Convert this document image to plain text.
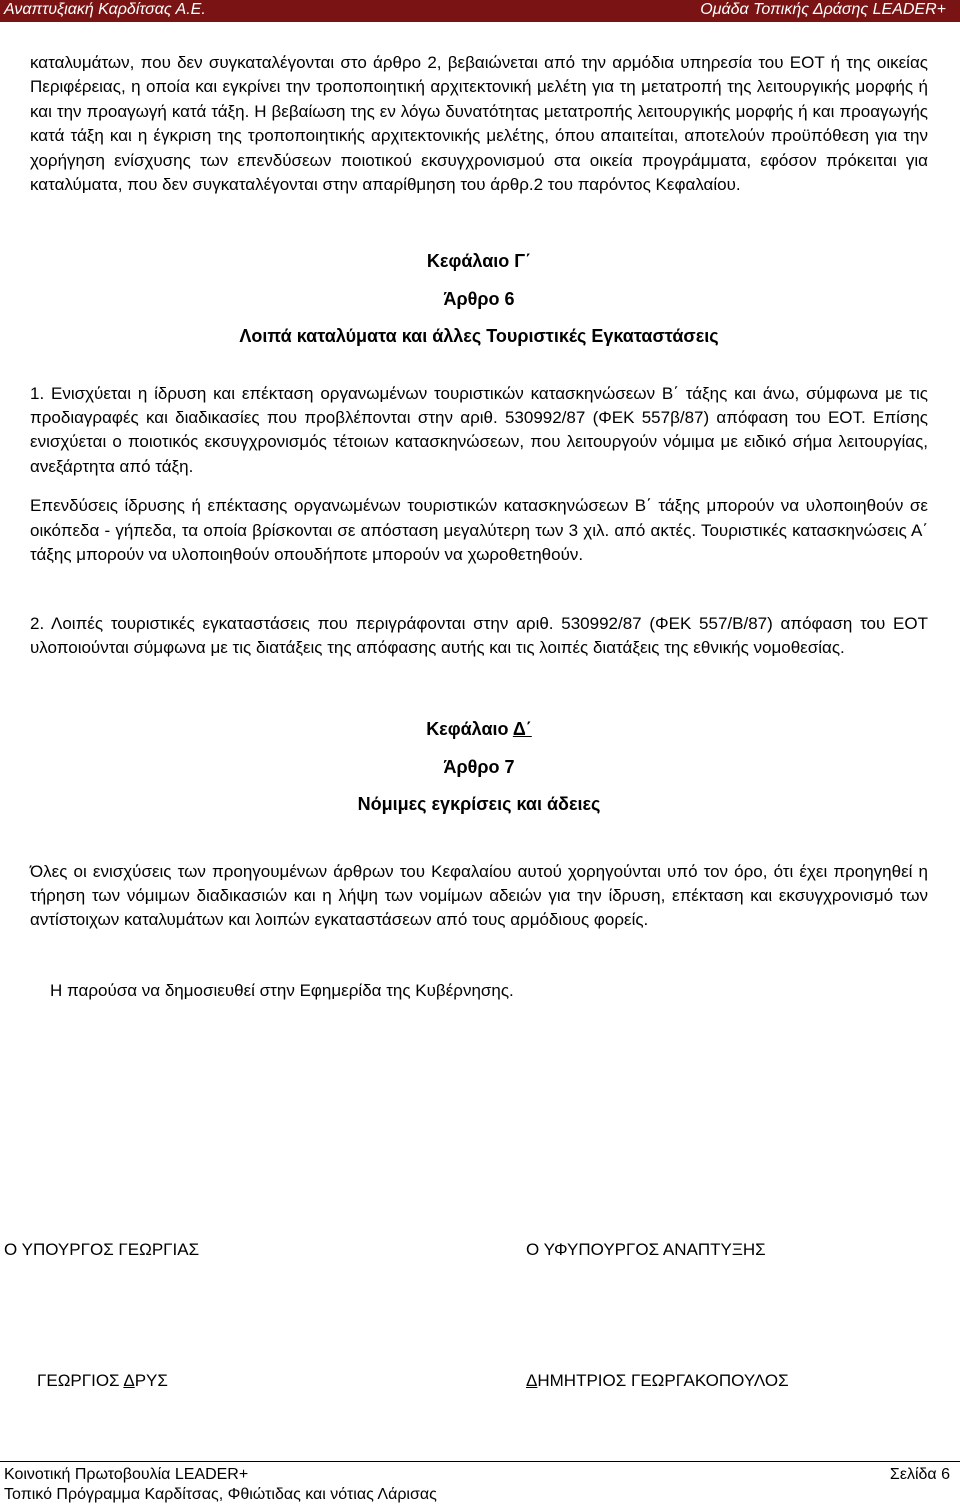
Αναπτυξιακή Καρδίτσας Α.Ε.	Ομάδα Τοπικής Δράσης LEADER+

καταλυμάτων, που δεν συγκαταλέγονται στο άρθρο 2, βεβαιώνεται από την αρμόδια υπηρεσία του ΕΟΤ ή της οικείας Περιφέρειας, η οποία και εγκρίνει την τροποποιητική αρχιτεκτονική μελέτη για τη μετατροπή της λειτουργικής μορφής ή και την προαγωγή κατά τάξη. Η βεβαίωση της εν λόγω δυνατότητας μετατροπής λειτουργικής μορφής ή και προαγωγής κατά τάξη και η έγκριση της τροποποιητικής αρχιτεκτονικής μελέτης, όπου απαιτείται, αποτελούν προϋπόθεση για την χορήγηση ενίσχυσης των επενδύσεων ποιοτικού εκσυγχρονισμού στα οικεία προγράμματα, εφόσον πρόκειται για καταλύματα, που δεν συγκαταλέγονται στην απαρίθμηση του άρθρ.2 του παρόντος Κεφαλαίου.

Κεφάλαιο Γ΄
Άρθρο 6
Λοιπά καταλύματα και άλλες Τουριστικές Εγκαταστάσεις

1. Ενισχύεται η ίδρυση και επέκταση οργανωμένων τουριστικών κατασκηνώσεων Β΄ τάξης και άνω, σύμφωνα με τις προδιαγραφές και διαδικασίες που προβλέπονται στην αριθ. 530992/87 (ΦΕΚ 557β/87) απόφαση του ΕΟΤ. Επίσης ενισχύεται ο ποιοτικός εκσυγχρονισμός τέτοιων κατασκηνώσεων, που λειτουργούν νόμιμα με ειδικό σήμα λειτουργίας, ανεξάρτητα από τάξη.

Επενδύσεις ίδρυσης ή επέκτασης οργανωμένων τουριστικών κατασκηνώσεων Β΄ τάξης μπορούν να υλοποιηθούν σε οικόπεδα - γήπεδα, τα οποία βρίσκονται σε απόσταση μεγαλύτερη των 3 χιλ. από ακτές. Τουριστικές κατασκηνώσεις Α΄ τάξης μπορούν να υλοποιηθούν οπουδήποτε μπορούν να χωροθετηθούν.

2. Λοιπές τουριστικές εγκαταστάσεις που περιγράφονται στην αριθ. 530992/87 (ΦΕΚ 557/Β/87) απόφαση του ΕΟΤ υλοποιούνται σύμφωνα με τις διατάξεις της απόφασης αυτής και τις λοιπές διατάξεις της εθνικής νομοθεσίας.

Κεφάλαιο Δ΄
Άρθρο 7
Νόμιμες εγκρίσεις και άδειες

Όλες οι ενισχύσεις των προηγουμένων άρθρων του Κεφαλαίου αυτού χορηγούνται υπό τον όρο, ότι έχει προηγηθεί η τήρηση των νόμιμων διαδικασιών και η λήψη των νομίμων αδειών για την ίδρυση, επέκταση και εκσυγχρονισμό των αντίστοιχων καταλυμάτων και λοιπών εγκαταστάσεων από τους αρμόδιους φορείς.

Η παρούσα να δημοσιευθεί στην Εφημερίδα της Κυβέρνησης.

Ο ΥΠΟΥΡΓΟΣ ΓΕΩΡΓΙΑΣ	Ο ΥΦΥΠΟΥΡΓΟΣ ΑΝΑΠΤΥΞΗΣ
ΓΕΩΡΓΙΟΣ ΔΡΥΣ	ΔΗΜΗΤΡΙΟΣ ΓΕΩΡΓΑΚΟΠΟΥΛΟΣ
Κοινοτική Πρωτοβουλία LEADER+
Τοπικό Πρόγραμμα Καρδίτσας, Φθιώτιδας και νότιας Λάρισας
Σελίδα 6
